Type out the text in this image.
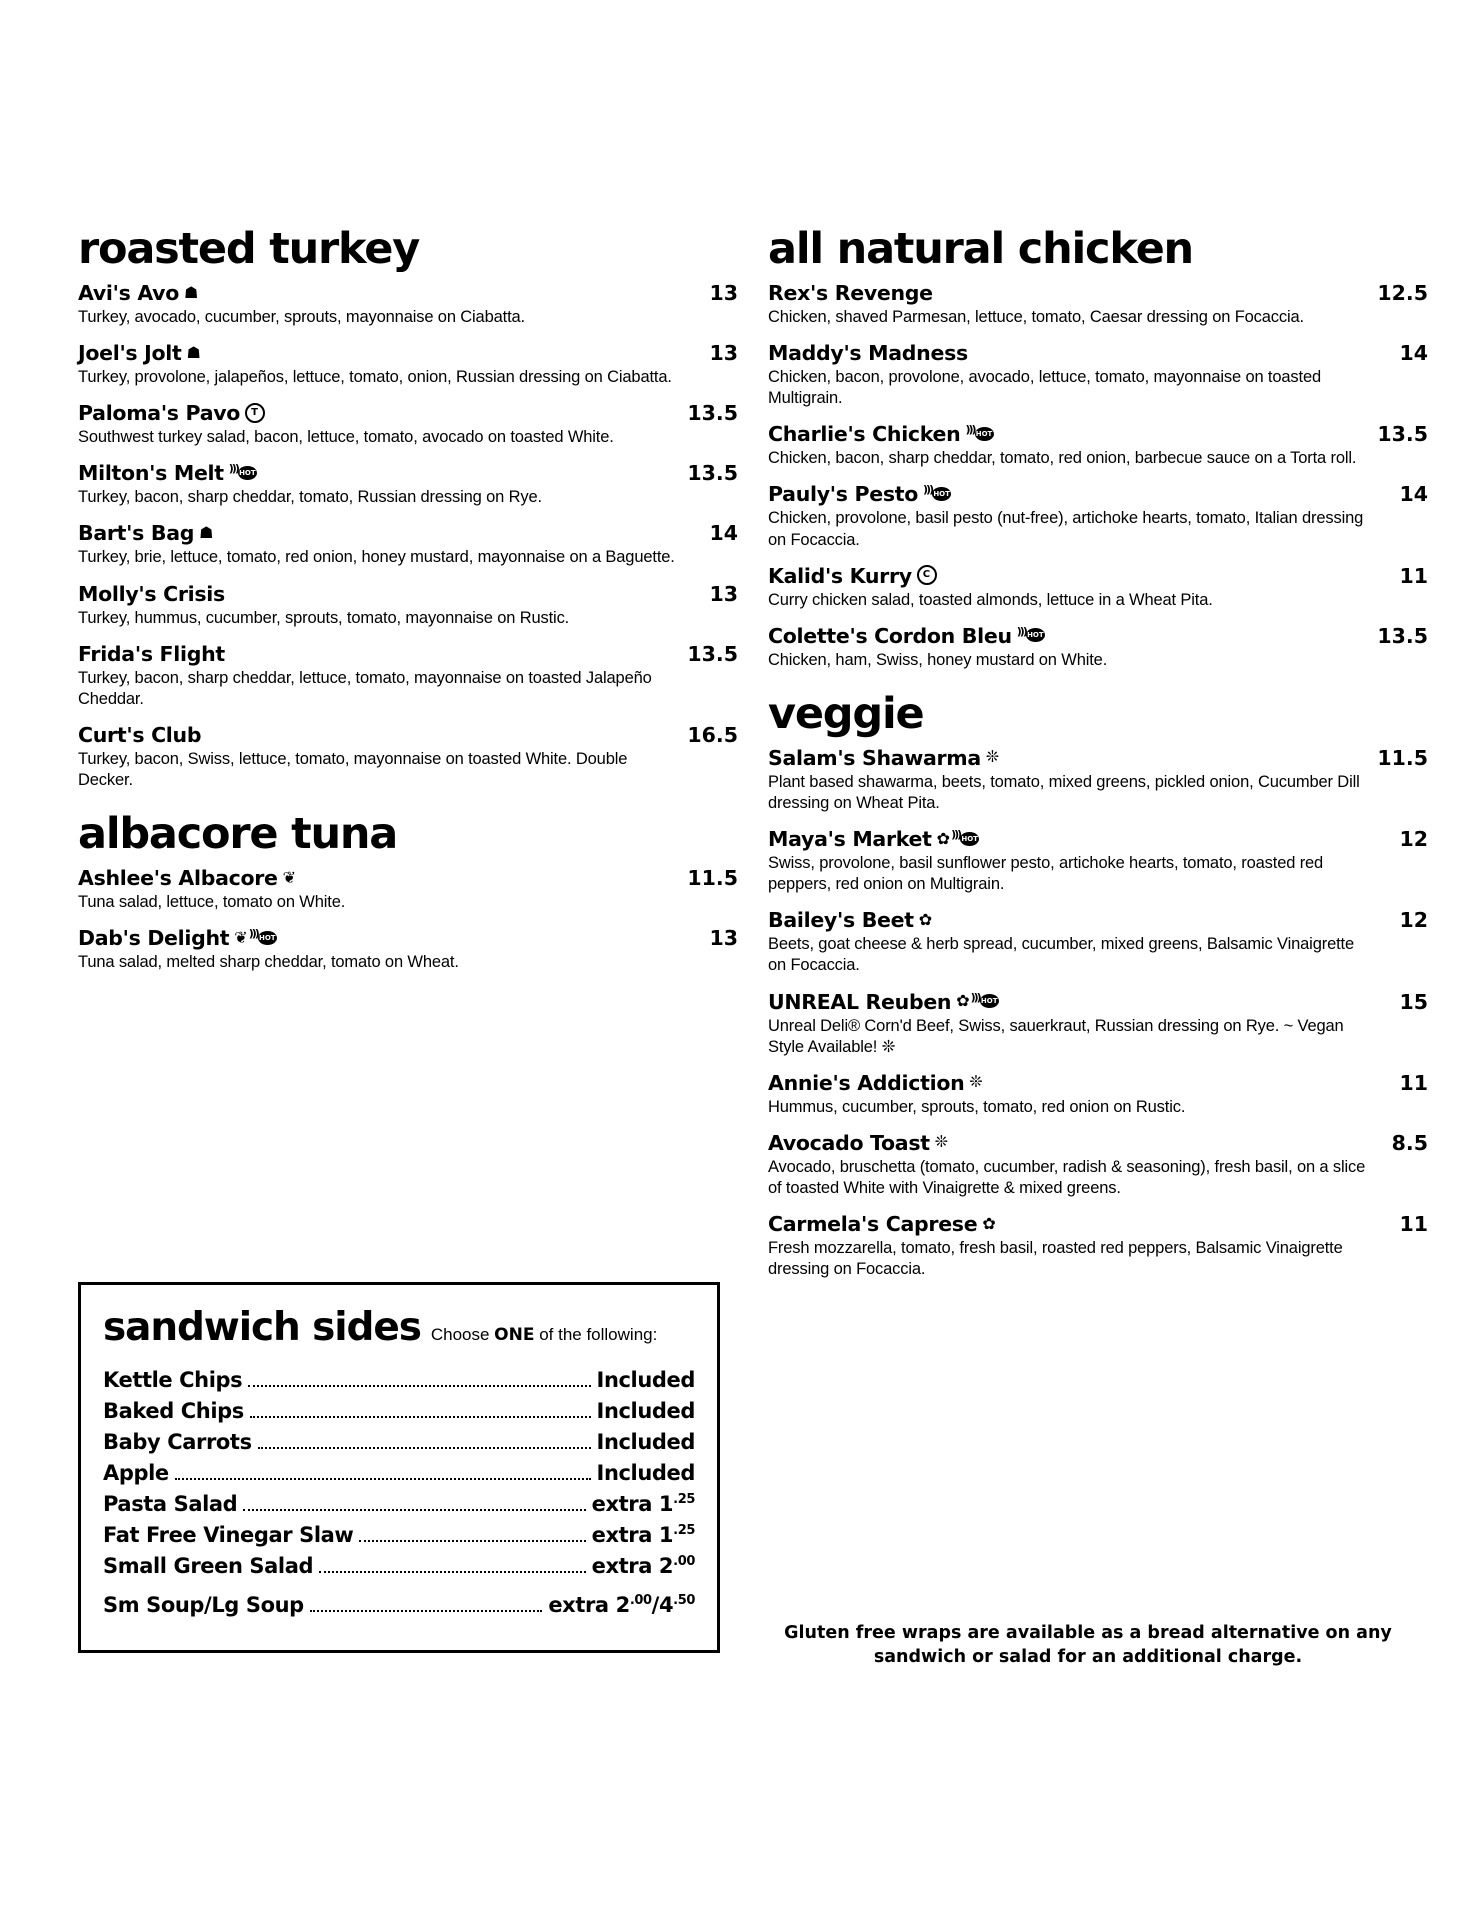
roasted turkey
Avi's Avo ☗	13
Turkey, avocado, cucumber, sprouts, mayonnaise on Ciabatta.
Joel's Jolt ☗	13
Turkey, provolone, jalapeños, lettuce, tomato, onion, Russian dressing on Ciabatta.
Paloma's Pavo T	13.5
Southwest turkey salad, bacon, lettuce, tomato, avocado on toasted White.
Milton's Melt )))HOT	13.5
Turkey, bacon, sharp cheddar, tomato, Russian dressing on Rye.
Bart's Bag ☗	14
Turkey, brie, lettuce, tomato, red onion, honey mustard, mayonnaise on a Baguette.
Molly's Crisis	13
Turkey, hummus, cucumber, sprouts, tomato, mayonnaise on Rustic.
Frida's Flight	13.5
Turkey, bacon, sharp cheddar, lettuce, tomato, mayonnaise on toasted Jalapeño Cheddar.
Curt's Club	16.5
Turkey, bacon, Swiss, lettuce, tomato, mayonnaise on toasted White. Double Decker.
albacore tuna
Ashlee's Albacore ❦	11.5
Tuna salad, lettuce, tomato on White.
Dab's Delight ❦)))HOT	13
Tuna salad, melted sharp cheddar, tomato on Wheat.
all natural chicken
Rex's Revenge	12.5
Chicken, shaved Parmesan, lettuce, tomato, Caesar dressing on Focaccia.
Maddy's Madness	14
Chicken, bacon, provolone, avocado, lettuce, tomato, mayonnaise on toasted Multigrain.
Charlie's Chicken )))HOT	13.5
Chicken, bacon, sharp cheddar, tomato, red onion, barbecue sauce on a Torta roll.
Pauly's Pesto )))HOT	14
Chicken, provolone, basil pesto (nut-free), artichoke hearts, tomato, Italian dressing on Focaccia.
Kalid's Kurry C	11
Curry chicken salad, toasted almonds, lettuce in a Wheat Pita.
Colette's Cordon Bleu )))HOT	13.5
Chicken, ham, Swiss, honey mustard on White.
veggie
Salam's Shawarma ❊	11.5
Plant based shawarma, beets, tomato, mixed greens, pickled onion, Cucumber Dill dressing on Wheat Pita.
Maya's Market ✿)))HOT	12
Swiss, provolone, basil sunflower pesto, artichoke hearts, tomato, roasted red peppers, red onion on Multigrain.
Bailey's Beet ✿	12
Beets, goat cheese & herb spread, cucumber, mixed greens, Balsamic Vinaigrette on Focaccia.
UNREAL Reuben ✿)))HOT	15
Unreal Deli® Corn'd Beef, Swiss, sauerkraut, Russian dressing on Rye. ~ Vegan Style Available! ❊
Annie's Addiction ❊	11
Hummus, cucumber, sprouts, tomato, red onion on Rustic.
Avocado Toast ❊	8.5
Avocado, bruschetta (tomato, cucumber, radish & seasoning), fresh basil, on a slice of toasted White with Vinaigrette & mixed greens.
Carmela's Caprese ✿	11
Fresh mozzarella, tomato, fresh basil, roasted red peppers, Balsamic Vinaigrette dressing on Focaccia.
sandwich sides Choose ONE of the following:
Kettle Chips	Included
Baked Chips	Included
Baby Carrots	Included
Apple	Included
Pasta Salad	extra $1^{.25}$
Fat Free Vinegar Slaw	extra $1^{.25}$
Small Green Salad	extra $2^{.00}$
Sm Soup/Lg Soup	extra $2^{.00}/4^{.50}$
Gluten free wraps are available as a bread alternative on any sandwich or salad for an additional charge.
